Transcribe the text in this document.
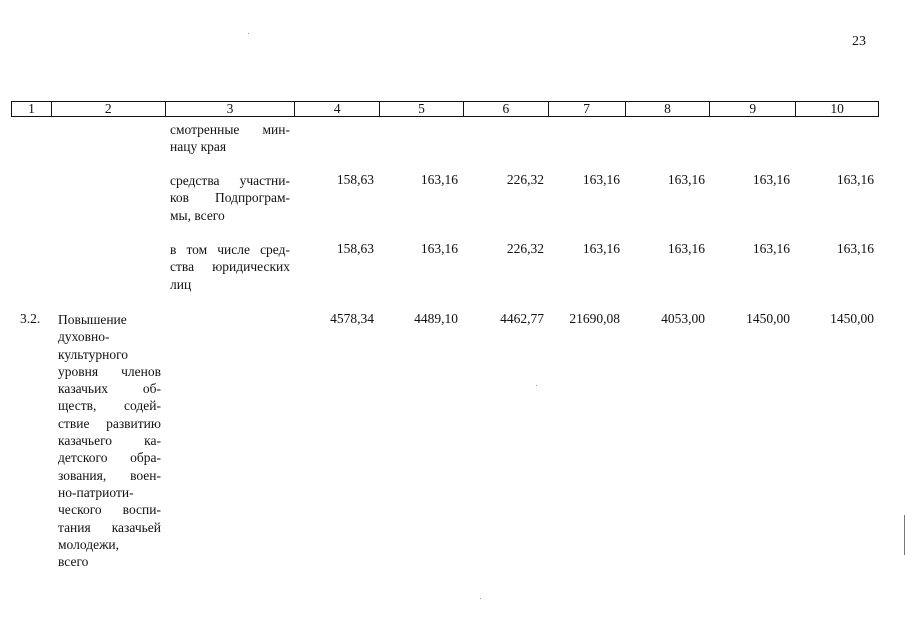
23
1	2	3	4	5	6	7	8	9	10
смотренные мин-
нацу края
средства участни-
ков Подпрограм-
мы, всего
158,63	163,16	226,32	163,16	163,16	163,16	163,16
в том числе сред-
ства юридических
лиц
158,63	163,16	226,32	163,16	163,16	163,16	163,16
3.2. Повышение
духовно-
культурного
уровня членов
казачьих об-
ществ, содей-
ствие развитию
казачьего ка-
детского обра-
зования, воен-
но-патриоти-
ческого воспи-
тания казачьей
молодежи,
всего
4578,34	4489,10	4462,77 21690,08	4053,00	1450,00	1450,00
